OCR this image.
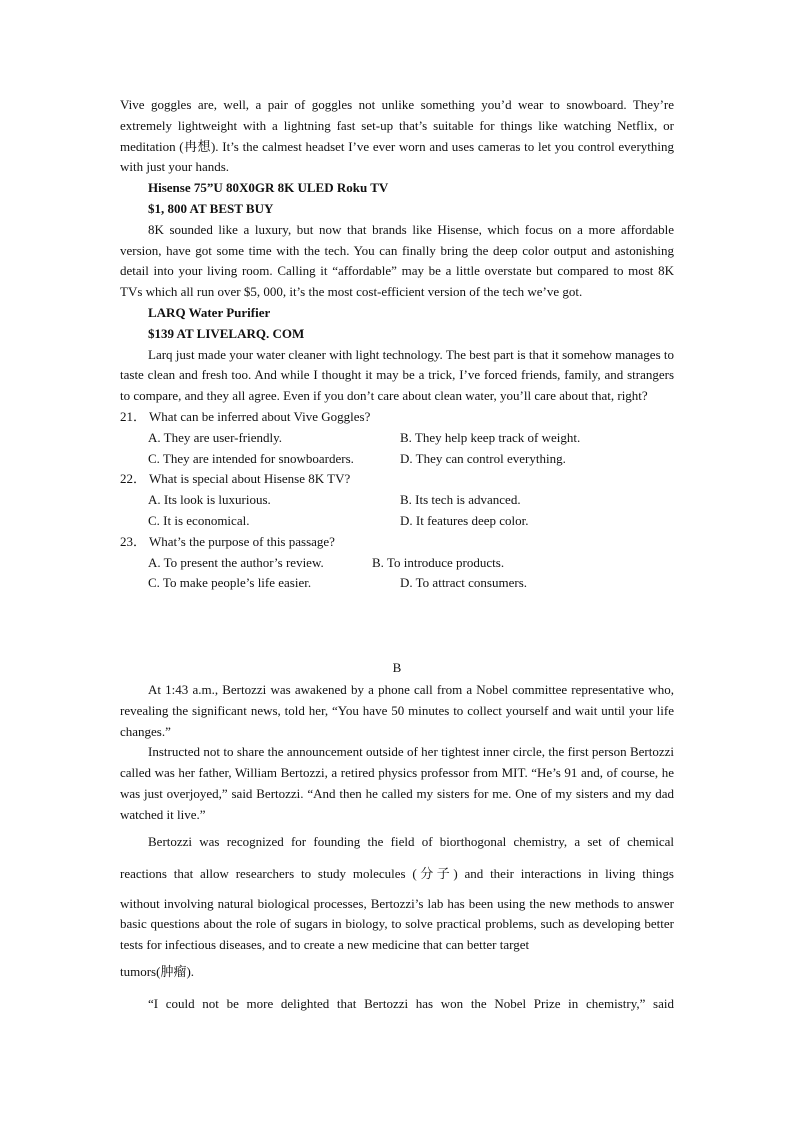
Vive goggles are, well, a pair of goggles not unlike something you’d wear to snowboard. They’re extremely lightweight with a lightning fast set-up that’s suitable for things like watching Netflix, or meditation (冉想). It’s the calmest headset I’ve ever worn and uses cameras to let you control everything with just your hands.

Hisense 75”U 80X0GR 8K ULED Roku TV

$1, 800 AT BEST BUY

8K sounded like a luxury, but now that brands like Hisense, which focus on a more affordable version, have got some time with the tech. You can finally bring the deep color output and astonishing detail into your living room. Calling it “affordable” may be a little overstate but compared to most 8K TVs which all run over $5, 000, it’s the most cost-efficient version of the tech we’ve got.

LARQ Water Purifier

$139 AT LIVELARQ. COM

Larq just made your water cleaner with light technology. The best part is that it somehow manages to taste clean and fresh too. And while I thought it may be a trick, I’ve forced friends, family, and strangers to compare, and they all agree. Even if you don’t care about clean water, you’ll care about that, right?

21． What can be inferred about Vive Goggles?

A. They are user-friendly.	B. They help keep track of weight.
C. They are intended for snowboarders.	D. They can control everything.

22． What is special about Hisense 8K TV?

A. Its look is luxurious.	B. Its tech is advanced.
C. It is economical.	D. It features deep color.

23． What’s the purpose of this passage?

A. To present the author’s review.	B. To introduce products.
C. To make people’s life easier.	D. To attract consumers.

B

At 1:43 a.m., Bertozzi was awakened by a phone call from a Nobel committee representative who, revealing the significant news, told her, “You have 50 minutes to collect yourself and wait until your life changes.”

Instructed not to share the announcement outside of her tightest inner circle, the first person Bertozzi called was her father, William Bertozzi, a retired physics professor from MIT. “He’s 91 and, of course, he was just overjoyed,” said Bertozzi. “And then he called my sisters for me. One of my sisters and my dad watched it live.”

Bertozzi was recognized for founding the field of biorthogonal chemistry, a set of chemical

reactions that allow researchers to study molecules (分子) and their interactions in living things

without involving natural biological processes, Bertozzi’s lab has been using the new methods to answer basic questions about the role of sugars in biology, to solve practical problems, such as developing better tests for infectious diseases, and to create a new medicine that can better target

tumors(肿瘤).

“I could not be more delighted that Bertozzi has won the Nobel Prize in chemistry,” said
